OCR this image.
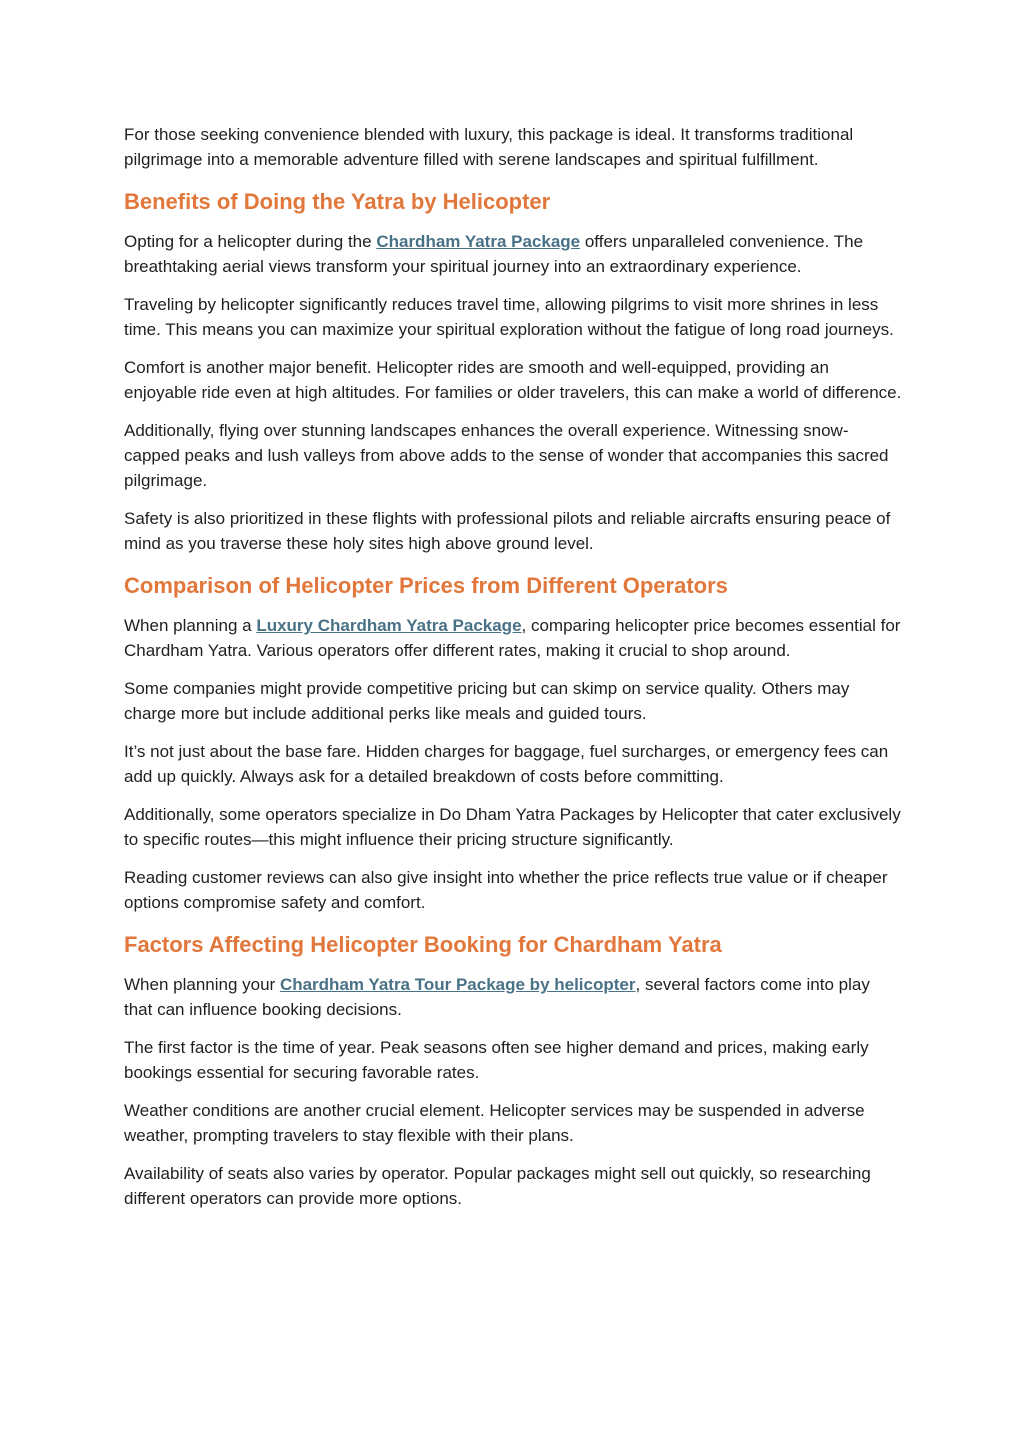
For those seeking convenience blended with luxury, this package is ideal. It transforms traditional pilgrimage into a memorable adventure filled with serene landscapes and spiritual fulfillment.

Benefits of Doing the Yatra by Helicopter

Opting for a helicopter during the Chardham Yatra Package offers unparalleled convenience. The breathtaking aerial views transform your spiritual journey into an extraordinary experience.

Traveling by helicopter significantly reduces travel time, allowing pilgrims to visit more shrines in less time. This means you can maximize your spiritual exploration without the fatigue of long road journeys.

Comfort is another major benefit. Helicopter rides are smooth and well-equipped, providing an enjoyable ride even at high altitudes. For families or older travelers, this can make a world of difference.

Additionally, flying over stunning landscapes enhances the overall experience. Witnessing snow-capped peaks and lush valleys from above adds to the sense of wonder that accompanies this sacred pilgrimage.

Safety is also prioritized in these flights with professional pilots and reliable aircrafts ensuring peace of mind as you traverse these holy sites high above ground level.

Comparison of Helicopter Prices from Different Operators

When planning a Luxury Chardham Yatra Package, comparing helicopter price becomes essential for Chardham Yatra. Various operators offer different rates, making it crucial to shop around.

Some companies might provide competitive pricing but can skimp on service quality. Others may charge more but include additional perks like meals and guided tours.

It’s not just about the base fare. Hidden charges for baggage, fuel surcharges, or emergency fees can add up quickly. Always ask for a detailed breakdown of costs before committing.

Additionally, some operators specialize in Do Dham Yatra Packages by Helicopter that cater exclusively to specific routes—this might influence their pricing structure significantly.

Reading customer reviews can also give insight into whether the price reflects true value or if cheaper options compromise safety and comfort.

Factors Affecting Helicopter Booking for Chardham Yatra

When planning your Chardham Yatra Tour Package by helicopter, several factors come into play that can influence booking decisions.

The first factor is the time of year. Peak seasons often see higher demand and prices, making early bookings essential for securing favorable rates.

Weather conditions are another crucial element. Helicopter services may be suspended in adverse weather, prompting travelers to stay flexible with their plans.

Availability of seats also varies by operator. Popular packages might sell out quickly, so researching different operators can provide more options.
